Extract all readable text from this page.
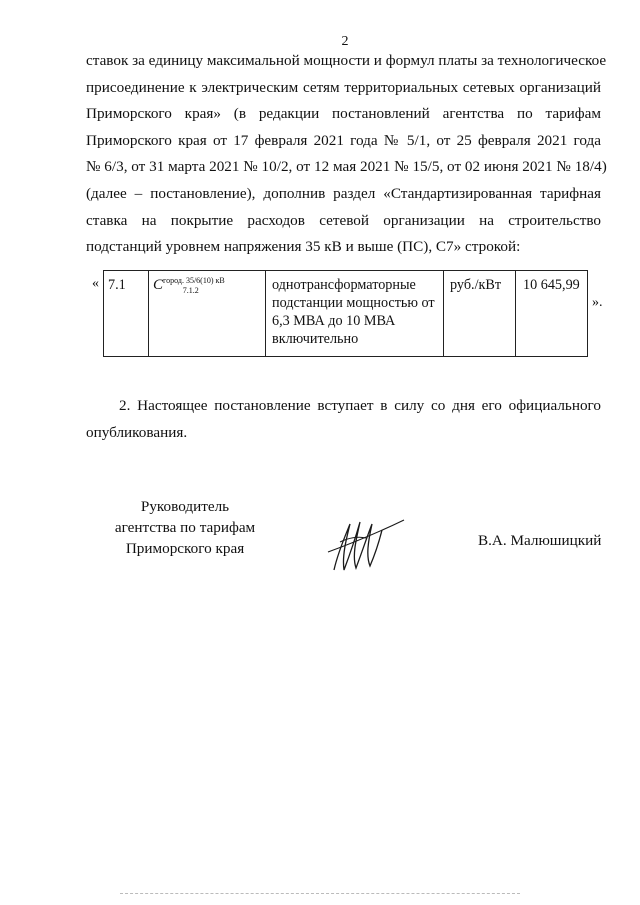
2
ставок за единицу максимальной мощности и формул платы за технологическое
присоединение к электрическим сетям территориальных сетевых организаций
Приморского края» (в редакции постановлений агентства по тарифам
Приморского края от 17 февраля 2021 года № 5/1, от 25 февраля 2021 года
№ 6/3, от 31 марта 2021 № 10/2, от 12 мая 2021 № 15/5, от 02 июня 2021 № 18/4)
(далее – постановление), дополнив раздел «Стандартизированная тарифная
ставка на покрытие расходов сетевой организации на строительство
подстанций уровнем напряжения 35 кВ и выше (ПС), С7» строкой:
« 7.1	$C^{город. 35/6(10) кВ}_{7.1.2}$	однотрансформаторные подстанции мощностью от 6,3 МВА до 10 МВА включительно	руб./кВт	10 645,99
».
2. Настоящее постановление вступает в силу со дня его официального
опубликования.
Руководитель
агентства по тарифам
Приморского края	В.А. Малюшицкий
